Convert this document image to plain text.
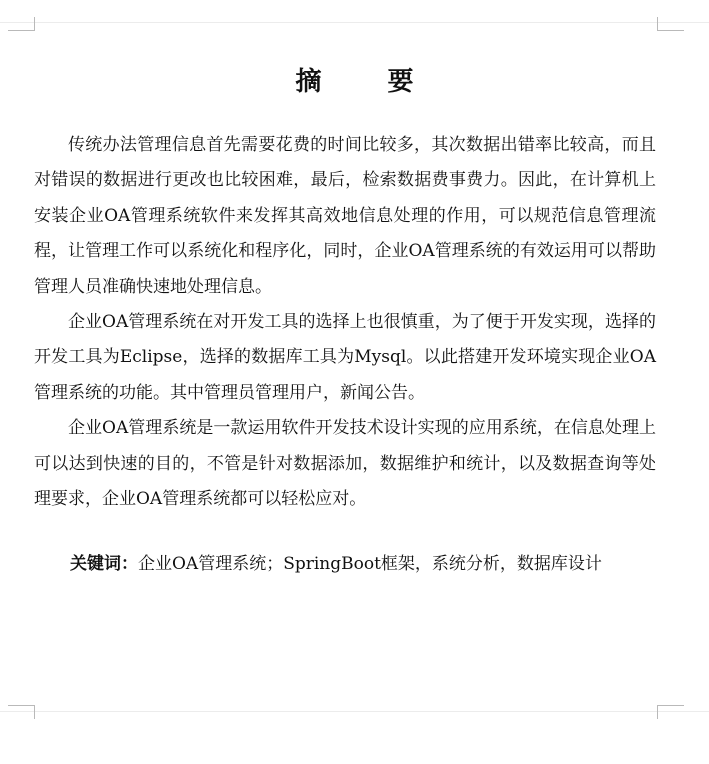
摘　要

传统办法管理信息首先需要花费的时间比较多，其次数据出错率比较高，而且对错误的数据进行更改也比较困难，最后，检索数据费事费力。因此，在计算机上安装企业OA管理系统软件来发挥其高效地信息处理的作用，可以规范信息管理流程，让管理工作可以系统化和程序化，同时，企业OA管理系统的有效运用可以帮助管理人员准确快速地处理信息。

企业OA管理系统在对开发工具的选择上也很慎重，为了便于开发实现，选择的开发工具为Eclipse，选择的数据库工具为Mysql。以此搭建开发环境实现企业OA管理系统的功能。其中管理员管理用户，新闻公告。

企业OA管理系统是一款运用软件开发技术设计实现的应用系统，在信息处理上可以达到快速的目的，不管是针对数据添加，数据维护和统计，以及数据查询等处理要求，企业OA管理系统都可以轻松应对。

关键词：企业OA管理系统；SpringBoot框架，系统分析，数据库设计
